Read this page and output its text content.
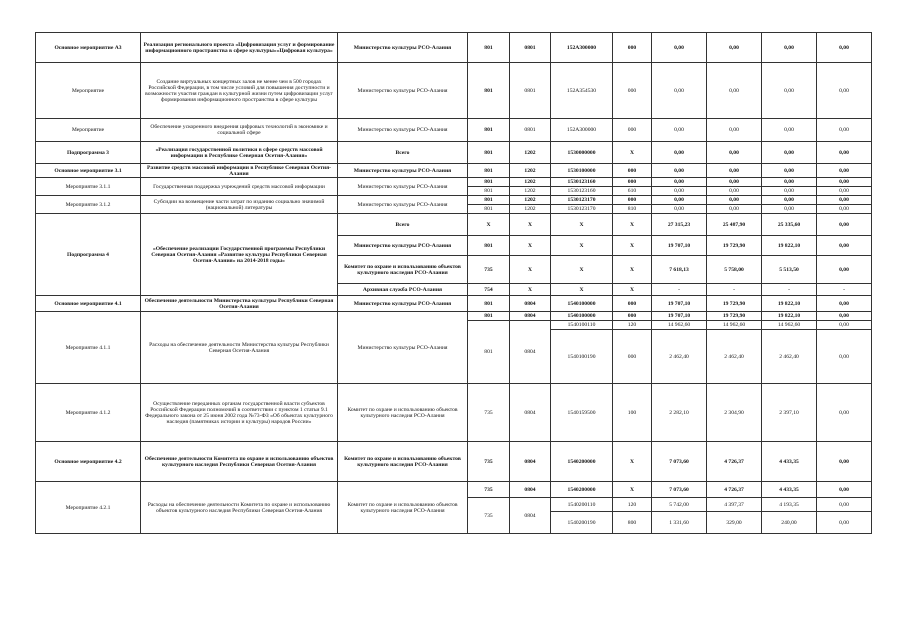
Основное мероприятие А3	Реализация регионального проекта «Цифровизация услуг и формирование информационного пространства в сфере культуры»«Цифровая культура»	Министерство культуры РСО-Алания	801	0801	152А300000	000	0,00	0,00	0,00	0,00
Мероприятие	Создание виртуальных концертных залов не менее чем в 500 городах Российской Федерации, в том числе условий для повышения доступности и возможности участия граждан в культурной жизни путем цифровизации услуг формирования информационного пространства в сфере культуры	Министерство культуры РСО-Алания	801	0801	152А354530	000	0,00	0,00	0,00	0,00
Мероприятие	Обеспечение ускоренного внедрения цифровых технологий в экономике и социальной сфере	Министерство культуры РСО-Алания	801	0801	152А300000	000	0,00	0,00	0,00	0,00
Подпрограмма 3	«Реализация государственной политики в сфере средств массовой информации в Республике Северная Осетия-Алания»	Всего	801	1202	1530000000	Х	0,00	0,00	0,00	0,00
Основное мероприятие 3.1	Развитие средств массовой информации в Республике Северная Осетия-Алания	Министерство культуры РСО-Алания	801	1202	1530100000	000	0,00	0,00	0,00	0,00
Мероприятие 3.1.1	Государственная поддержка учреждений средств массовой информации	Министерство культуры РСО-Алания	801	1202	1530123160	000	0,00	0,00	0,00	0,00
			801	1202	1530123160	610	0,00	0,00	0,00	0,00
Мероприятие 3.1.2	Субсидии на возмещение части затрат по изданию социально значимой (национальной) литературы	Министерство культуры РСО-Алания	801	1202	1530123170	000	0,00	0,00	0,00	0,00
			801	1202	1530123170	810	0,00	0,00	0,00	0,00
Подпрограмма 4	«Обеспечение реализации Государственной программы Республики Северная Осетия-Алания «Развитие культуры Республики Северная Осетия-Алания» на 2014-2018 годы»	Всего	Х	Х	Х	Х	27 315,23	25 487,90	25 335,60	0,00
		Министерство культуры РСО-Алания	801	Х	Х	Х	19 707,10	19 729,90	19 822,10	0,00
		Комитет по охране и использованию объектов культурного наследия РСО-Алания	735	Х	Х	Х	7 618,13	5 758,00	5 513,50	0,00
		Архивная служба РСО-Алания	754	Х	Х	Х	-	-	-	-
Основное мероприятие 4.1	Обеспечение деятельности Министерства культуры Республики Северная Осетия-Алания	Министерство культуры РСО-Алания	801	0804	1540100000	000	19 707,10	19 729,90	19 822,10	0,00
Мероприятие 4.1.1	Расходы на обеспечение деятельности Министерства культуры Республики Северная Осетия-Алания	Министерство культуры РСО-Алания	801	0804	1540100000	000	19 707,10	19 729,90	19 822,10	0,00
			801	0804	1540100110	120	14 962,60	14 962,60	14 962,60	0,00
					1540100190	000	2 462,40	2 462,40	2 462,40	0,00
Мероприятие 4.1.2	Осуществление переданных органам государственной власти субъектов Российской Федерации полномочий в соответствии с пунктом 1 статьи 9.1 Федерального закона от 25 июня 2002 года №73-ФЗ «Об объектах культурного наследия (памятниках истории и культуры) народов России»	Комитет по охране и использованию объектов культурного наследия РСО-Алания	735	0804	1540159500	100	2 282,10	2 304,90	2 397,10	0,00
Основное мероприятие 4.2	Обеспечение деятельности Комитета по охране и использованию объектов культурного наследия Республики Северная Осетия-Алания	Комитет по охране и использованию объектов культурного наследия РСО-Алания	735	0804	1540200000	Х	7 073,60	4 726,37	4 433,35	0,00
Мероприятие 4.2.1	Расходы на обеспечение деятельности Комитета по охране и использованию объектов культурного наследия Республики Северная Осетия-Алания	Комитет по охране и использованию объектов культурного наследия РСО-Алания	735	0804	1540200000	Х	7 073,60	4 726,37	4 433,35	0,00
			735	0804	1540200110	120	5 742,00	4 397,37	4 193,35	0,00
					1540200190	800	1 331,60	329,00	240,00	0,00
